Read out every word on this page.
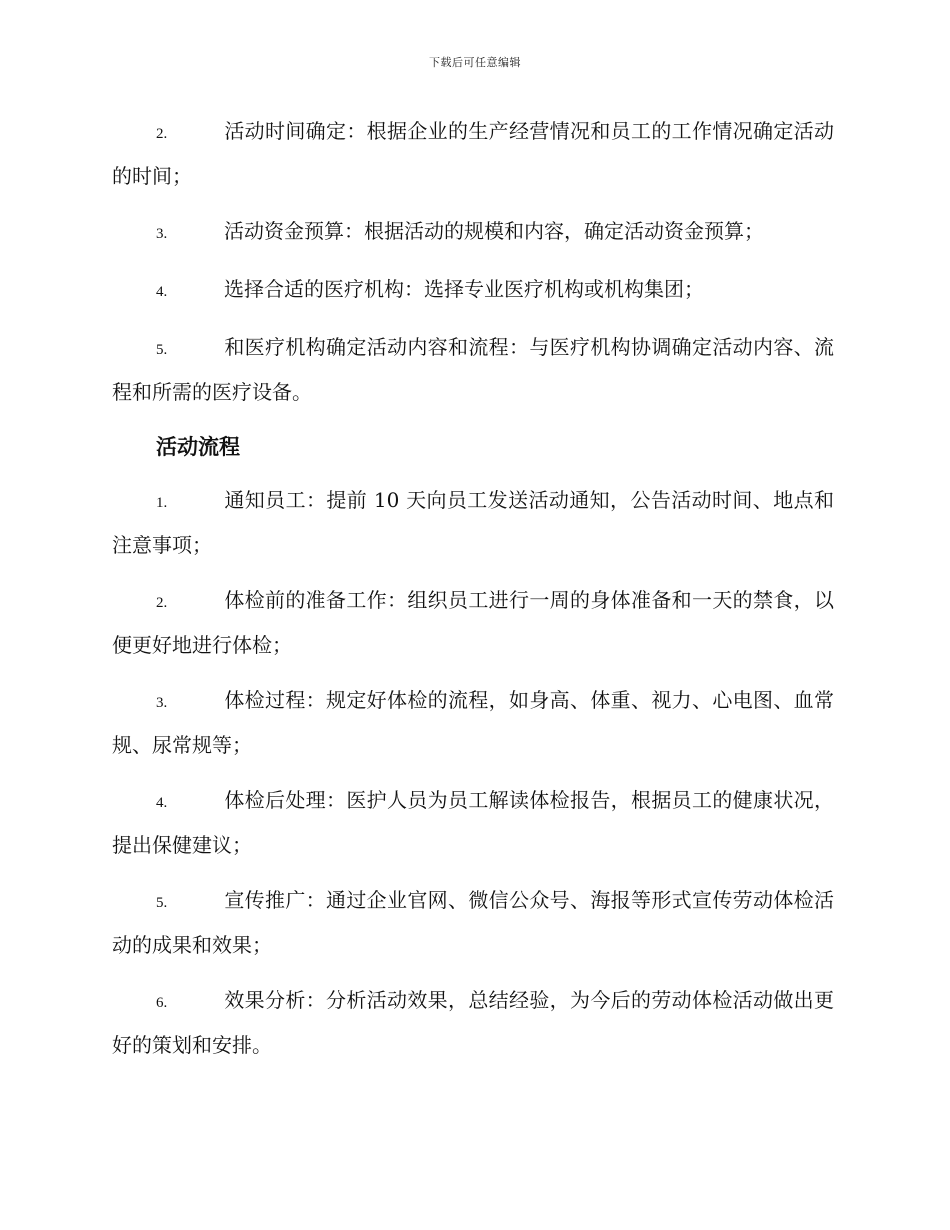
下载后可任意编辑
2.	活动时间确定：根据企业的生产经营情况和员工的工作情况确定活动的时间；
3.	活动资金预算：根据活动的规模和内容，确定活动资金预算；
4.	选择合适的医疗机构：选择专业医疗机构或机构集团；
5.	和医疗机构确定活动内容和流程：与医疗机构协调确定活动内容、流程和所需的医疗设备。
活动流程
1.	通知员工：提前 10 天向员工发送活动通知，公告活动时间、地点和注意事项；
2.	体检前的准备工作：组织员工进行一周的身体准备和一天的禁食，以便更好地进行体检；
3.	体检过程：规定好体检的流程，如身高、体重、视力、心电图、血常规、尿常规等；
4.	体检后处理：医护人员为员工解读体检报告，根据员工的健康状况，提出保健建议；
5.	宣传推广：通过企业官网、微信公众号、海报等形式宣传劳动体检活动的成果和效果；
6.	效果分析：分析活动效果，总结经验，为今后的劳动体检活动做出更好的策划和安排。
